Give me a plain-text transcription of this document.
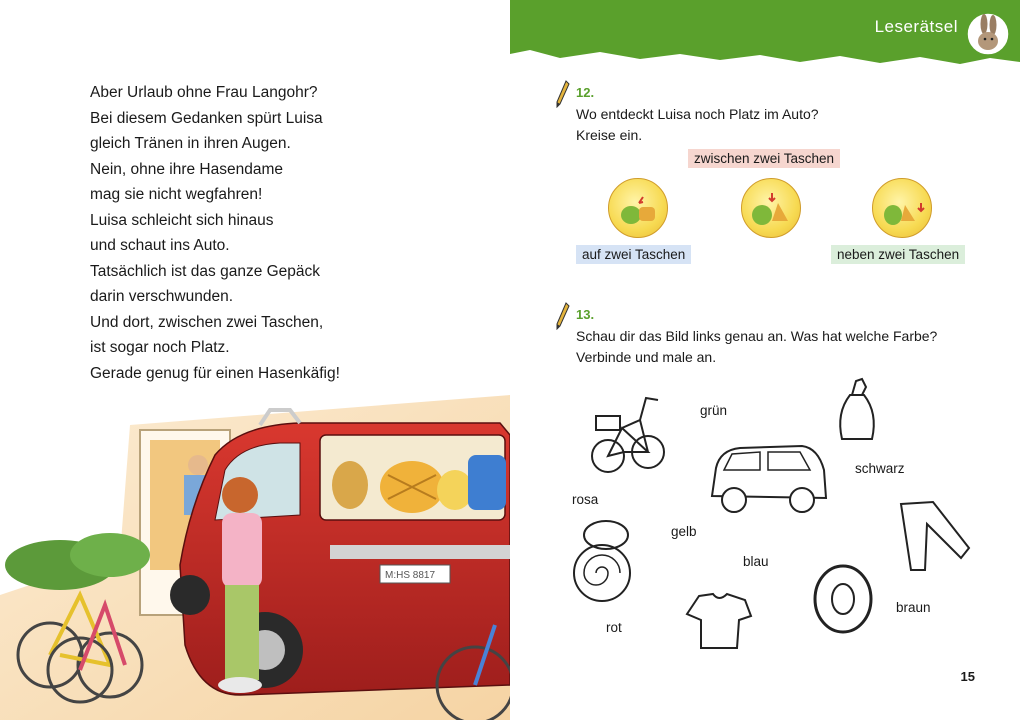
Aber Urlaub ohne Frau Langohr?
Bei diesem Gedanken spürt Luisa
gleich Tränen in ihren Augen.
Nein, ohne ihre Hasendame
mag sie nicht wegfahren!
Luisa schleicht sich hinaus
und schaut ins Auto.
Tatsächlich ist das ganze Gepäck
darin verschwunden.
Und dort, zwischen zwei Taschen,
ist sogar noch Platz.
Gerade genug für einen Hasenkäfig!
M:HS 8817
Leserätsel
12.
Wo entdeckt Luisa noch Platz im Auto?
Kreise ein.
zwischen zwei Taschen
auf zwei Taschen	neben zwei Taschen
13.
Schau dir das Bild links genau an. Was hat welche Farbe?
Verbinde und male an.
grün
schwarz
rosa
gelb
blau
braun
rot
15
